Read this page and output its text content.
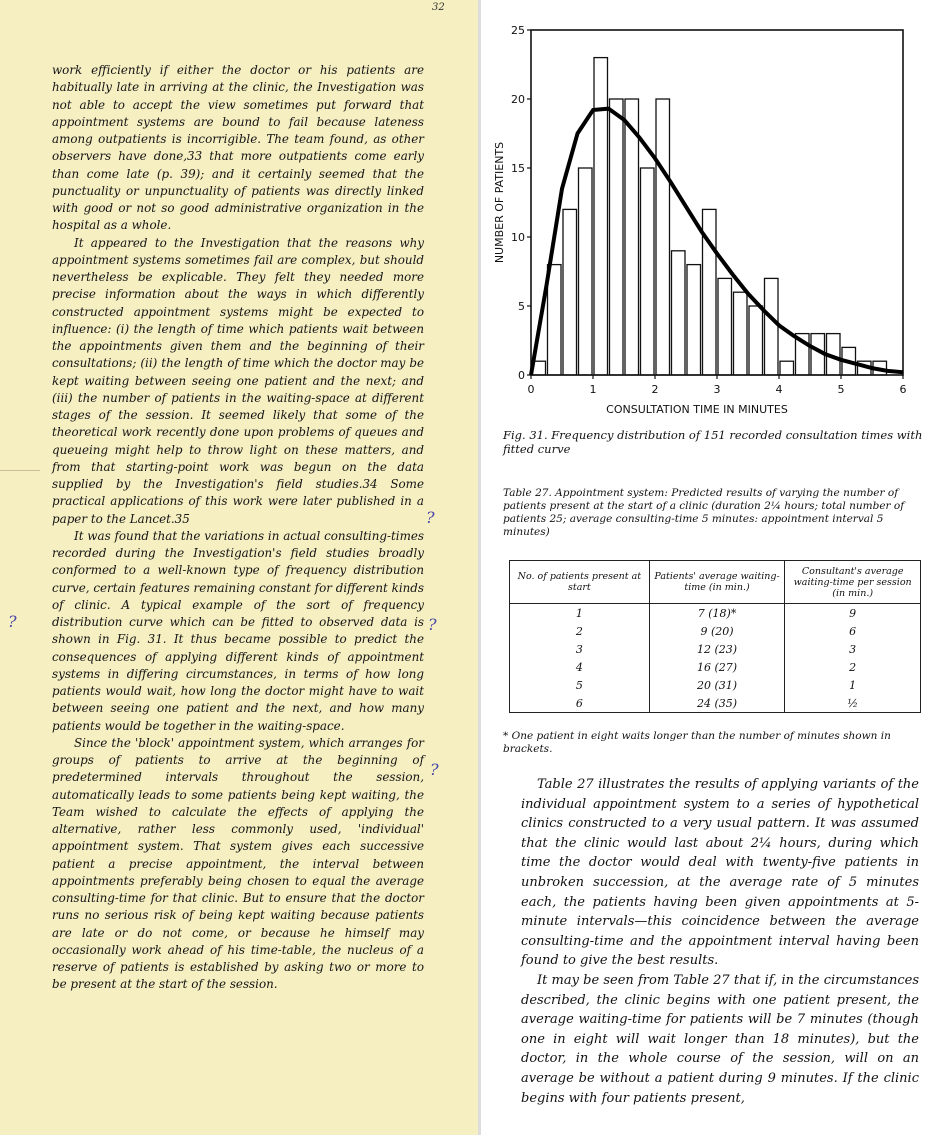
32

work efficiently if either the doctor or his patients are habitually late in arriving at the clinic, the Investigation was not able to accept the view sometimes put forward that appointment systems are bound to fail because lateness among outpatients is incorrigible. The team found, as other observers have done,33 that more outpatients come early than come late (p. 39); and it certainly seemed that the punctuality or unpunctuality of patients was directly linked with good or not so good administrative organization in the hospital as a whole.

It appeared to the Investigation that the reasons why appointment systems sometimes fail are complex, but should nevertheless be explicable. They felt they needed more precise information about the ways in which differently constructed appointment systems might be expected to influence: (i) the length of time which patients wait between the appointments given them and the beginning of their consultations; (ii) the length of time which the doctor may be kept waiting between seeing one patient and the next; and (iii) the number of patients in the waiting-space at different stages of the session. It seemed likely that some of the theoretical work recently done upon problems of queues and queueing might help to throw light on these matters, and from that starting-point work was begun on the data supplied by the Investigation's field studies.34 Some practical applications of this work were later published in a paper to the Lancet.35

It was found that the variations in actual consulting-times recorded during the Investigation's field studies broadly conformed to a well-known type of frequency distribution curve, certain features remaining constant for different kinds of clinic. A typical example of the sort of frequency distribution curve which can be fitted to observed data is shown in Fig. 31. It thus became possible to predict the consequences of applying different kinds of appointment systems in differing circumstances, in terms of how long patients would wait, how long the doctor might have to wait between seeing one patient and the next, and how many patients would be together in the waiting-space.

Since the 'block' appointment system, which arranges for groups of patients to arrive at the beginning of predetermined intervals throughout the session, automatically leads to some patients being kept waiting, the Team wished to calculate the effects of applying the alternative, rather less commonly used, 'individual' appointment system. That system gives each successive patient a precise appointment, the interval between appointments preferably being chosen to equal the average consulting-time for that clinic. But to ensure that the doctor runs no serious risk of being kept waiting because patients are late or do not come, or because he himself may occasionally work ahead of his time-table, the nucleus of a reserve of patients is established by asking two or more to be present at the start of the session.

?
?	?
?
0	1	2	3	4	5	6
0
5
10
15
20
25
CONSULTATION TIME IN MINUTES
NUMBER OF PATIENTS
Fig. 31. Frequency distribution of 151 recorded consultation times with fitted curve
Table 27. Appointment system: Predicted results of varying the number of patients present at the start of a clinic (duration 2¼ hours; total number of patients 25; average consulting-time 5 minutes: appointment interval 5 minutes)
No. of patients present at start	Patients' average waiting-time (in min.)	Consultant's average waiting-time per session (in min.)
1	7 (18)*	9
2	9 (20)	6
3	12 (23)	3
4	16 (27)	2
5	20 (31)	1
6	24 (35)	½
* One patient in eight waits longer than the number of minutes shown in brackets.

Table 27 illustrates the results of applying variants of the individual appointment system to a series of hypothetical clinics constructed to a very usual pattern. It was assumed that the clinic would last about 2¼ hours, during which time the doctor would deal with twenty-five patients in unbroken succession, at the average rate of 5 minutes each, the patients having been given appointments at 5-minute intervals—this coincidence between the average consulting-time and the appointment interval having been found to give the best results.

It may be seen from Table 27 that if, in the circumstances described, the clinic begins with one patient present, the average waiting-time for patients will be 7 minutes (though one in eight will wait longer than 18 minutes), but the doctor, in the whole course of the session, will on an average be without a patient during 9 minutes. If the clinic begins with four patients present,
